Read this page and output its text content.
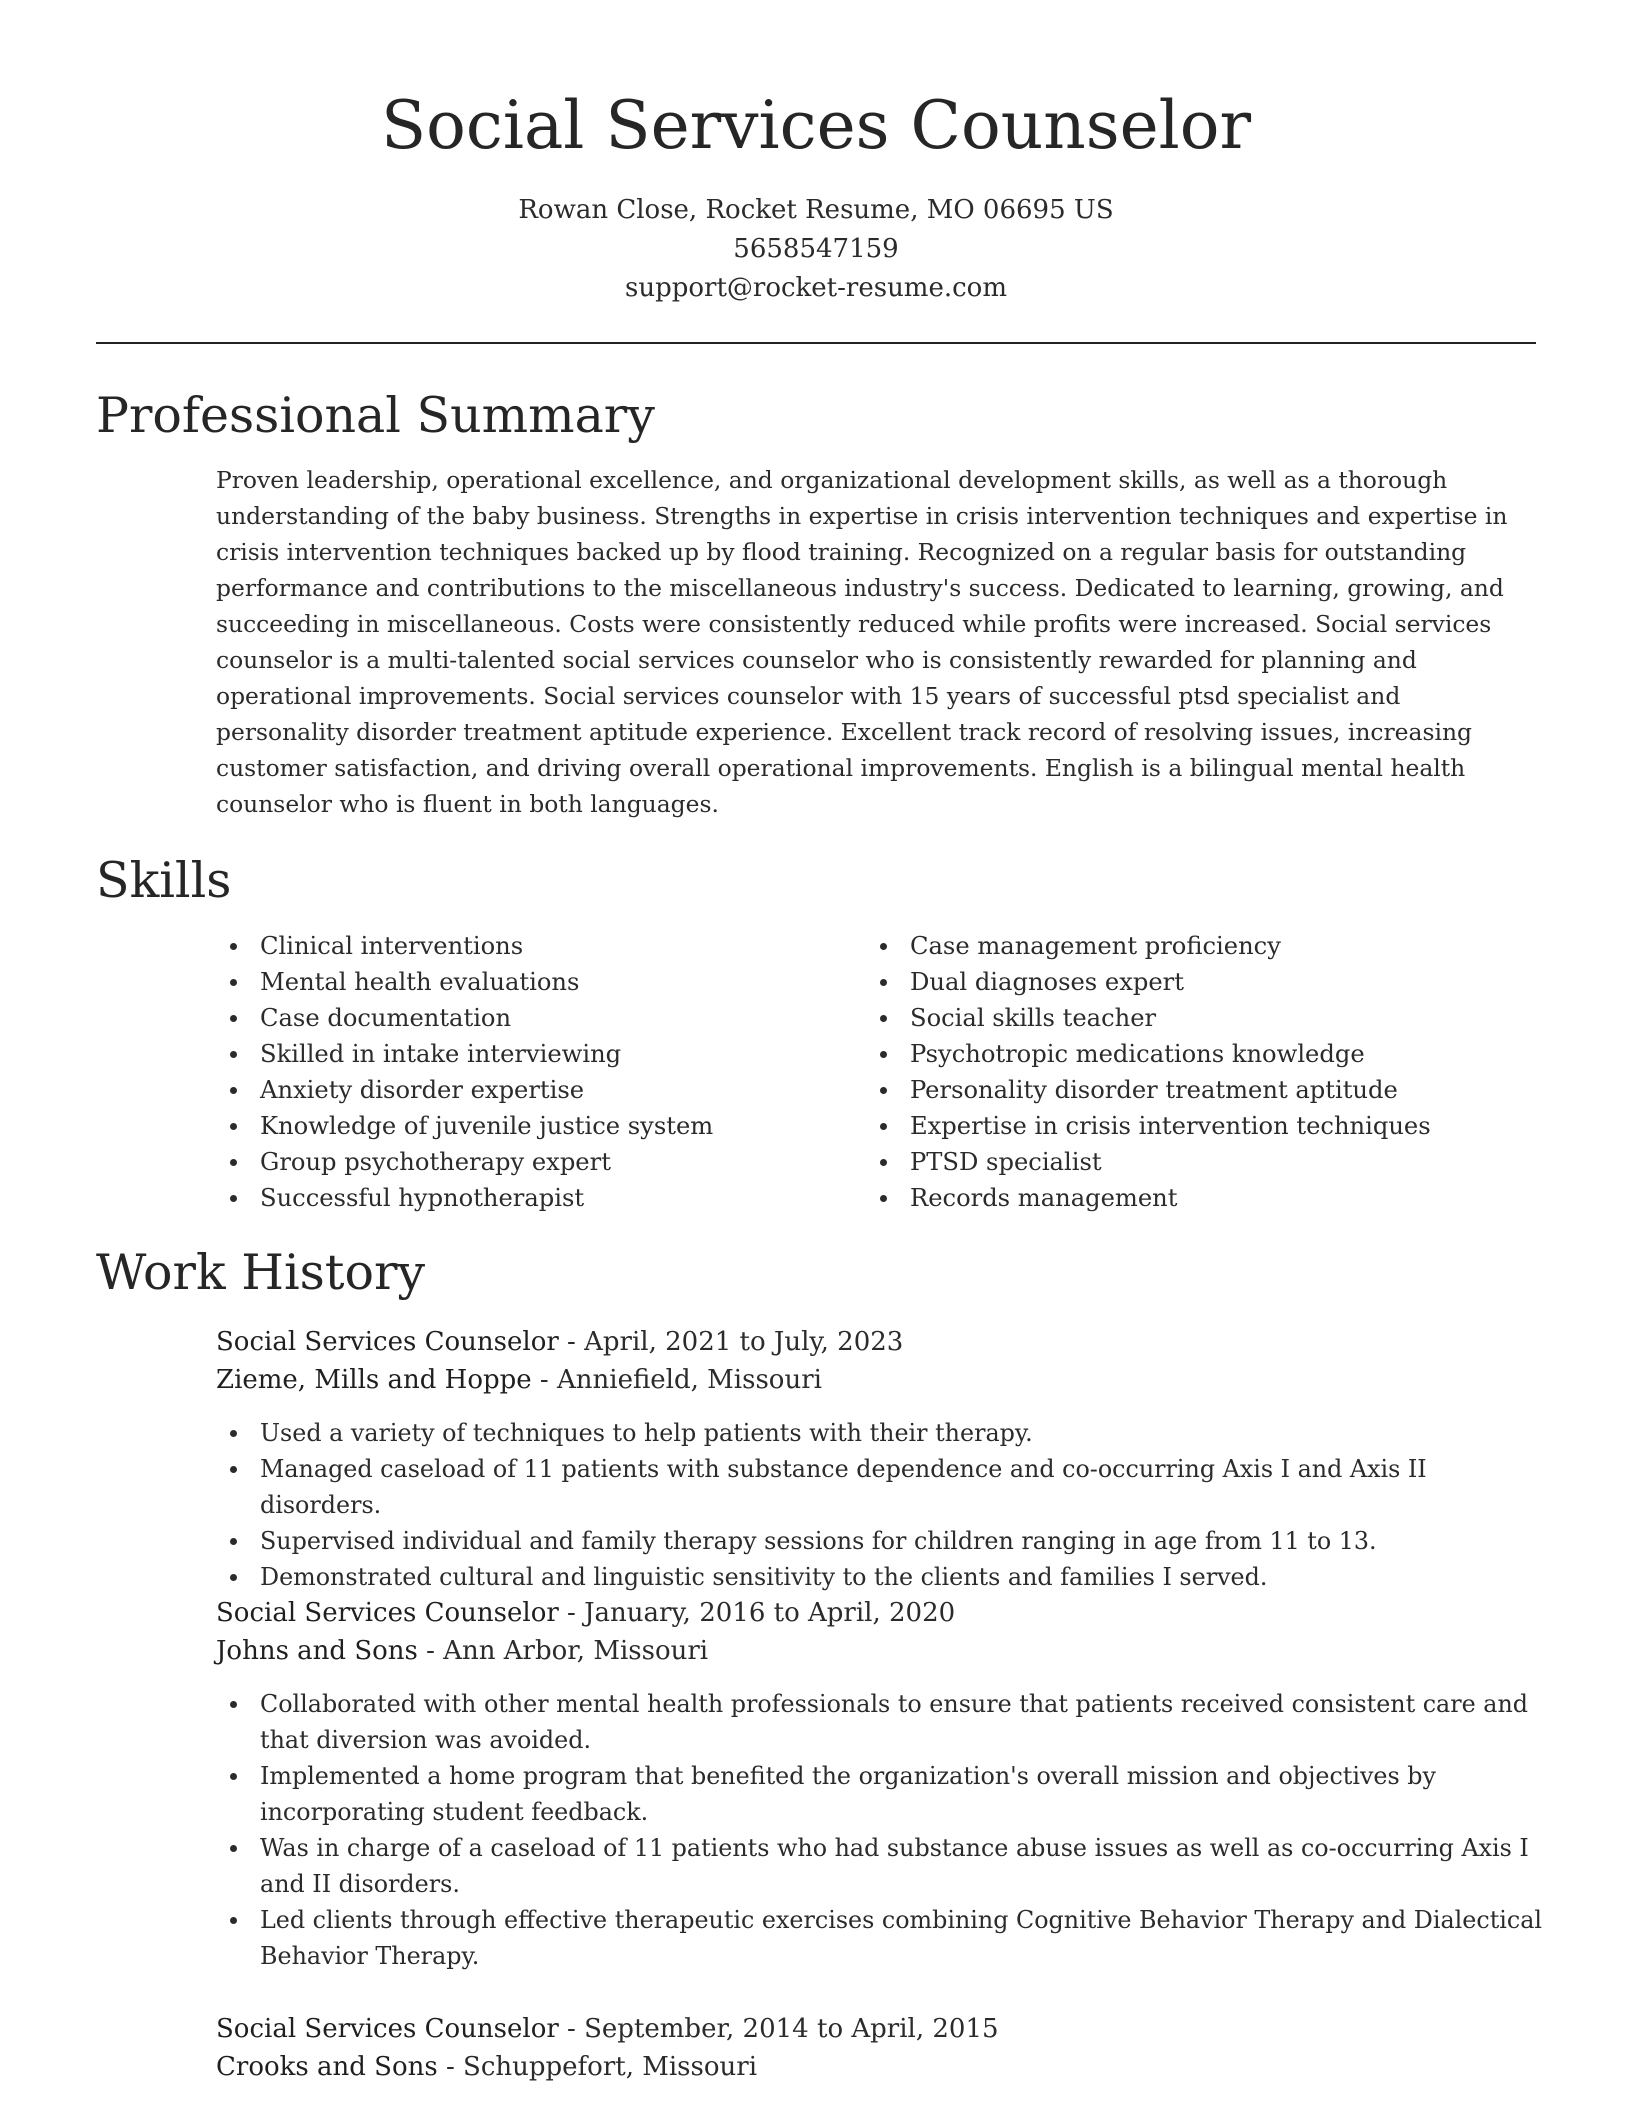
Social Services Counselor
Rowan Close, Rocket Resume, MO 06695 US
5658547159
support@rocket-resume.com
Professional Summary

Proven leadership, operational excellence, and organizational development skills, as well as a thorough understanding of the baby business. Strengths in expertise in crisis intervention techniques and expertise in crisis intervention techniques backed up by flood training. Recognized on a regular basis for outstanding performance and contributions to the miscellaneous industry's success. Dedicated to learning, growing, and succeeding in miscellaneous. Costs were consistently reduced while profits were increased. Social services counselor is a multi-talented social services counselor who is consistently rewarded for planning and operational improvements. Social services counselor with 15 years of successful ptsd specialist and personality disorder treatment aptitude experience. Excellent track record of resolving issues, increasing customer satisfaction, and driving overall operational improvements. English is a bilingual mental health counselor who is fluent in both languages.

Skills
Clinical interventions
Mental health evaluations
Case documentation
Skilled in intake interviewing
Anxiety disorder expertise
Knowledge of juvenile justice system
Group psychotherapy expert
Successful hypnotherapist
Case management proficiency
Dual diagnoses expert
Social skills teacher
Psychotropic medications knowledge
Personality disorder treatment aptitude
Expertise in crisis intervention techniques
PTSD specialist
Records management
Work History
Social Services Counselor - April, 2021 to July, 2023
Zieme, Mills and Hoppe - Anniefield, Missouri
Used a variety of techniques to help patients with their therapy.
Managed caseload of 11 patients with substance dependence and co-occurring Axis I and Axis II disorders.
Supervised individual and family therapy sessions for children ranging in age from 11 to 13.
Demonstrated cultural and linguistic sensitivity to the clients and families I served.
Social Services Counselor - January, 2016 to April, 2020
Johns and Sons - Ann Arbor, Missouri
Collaborated with other mental health professionals to ensure that patients received consistent care and that diversion was avoided.
Implemented a home program that benefited the organization's overall mission and objectives by incorporating student feedback.
Was in charge of a caseload of 11 patients who had substance abuse issues as well as co-occurring Axis I and II disorders.
Led clients through effective therapeutic exercises combining Cognitive Behavior Therapy and Dialectical Behavior Therapy.
Social Services Counselor - September, 2014 to April, 2015
Crooks and Sons - Schuppefort, Missouri
